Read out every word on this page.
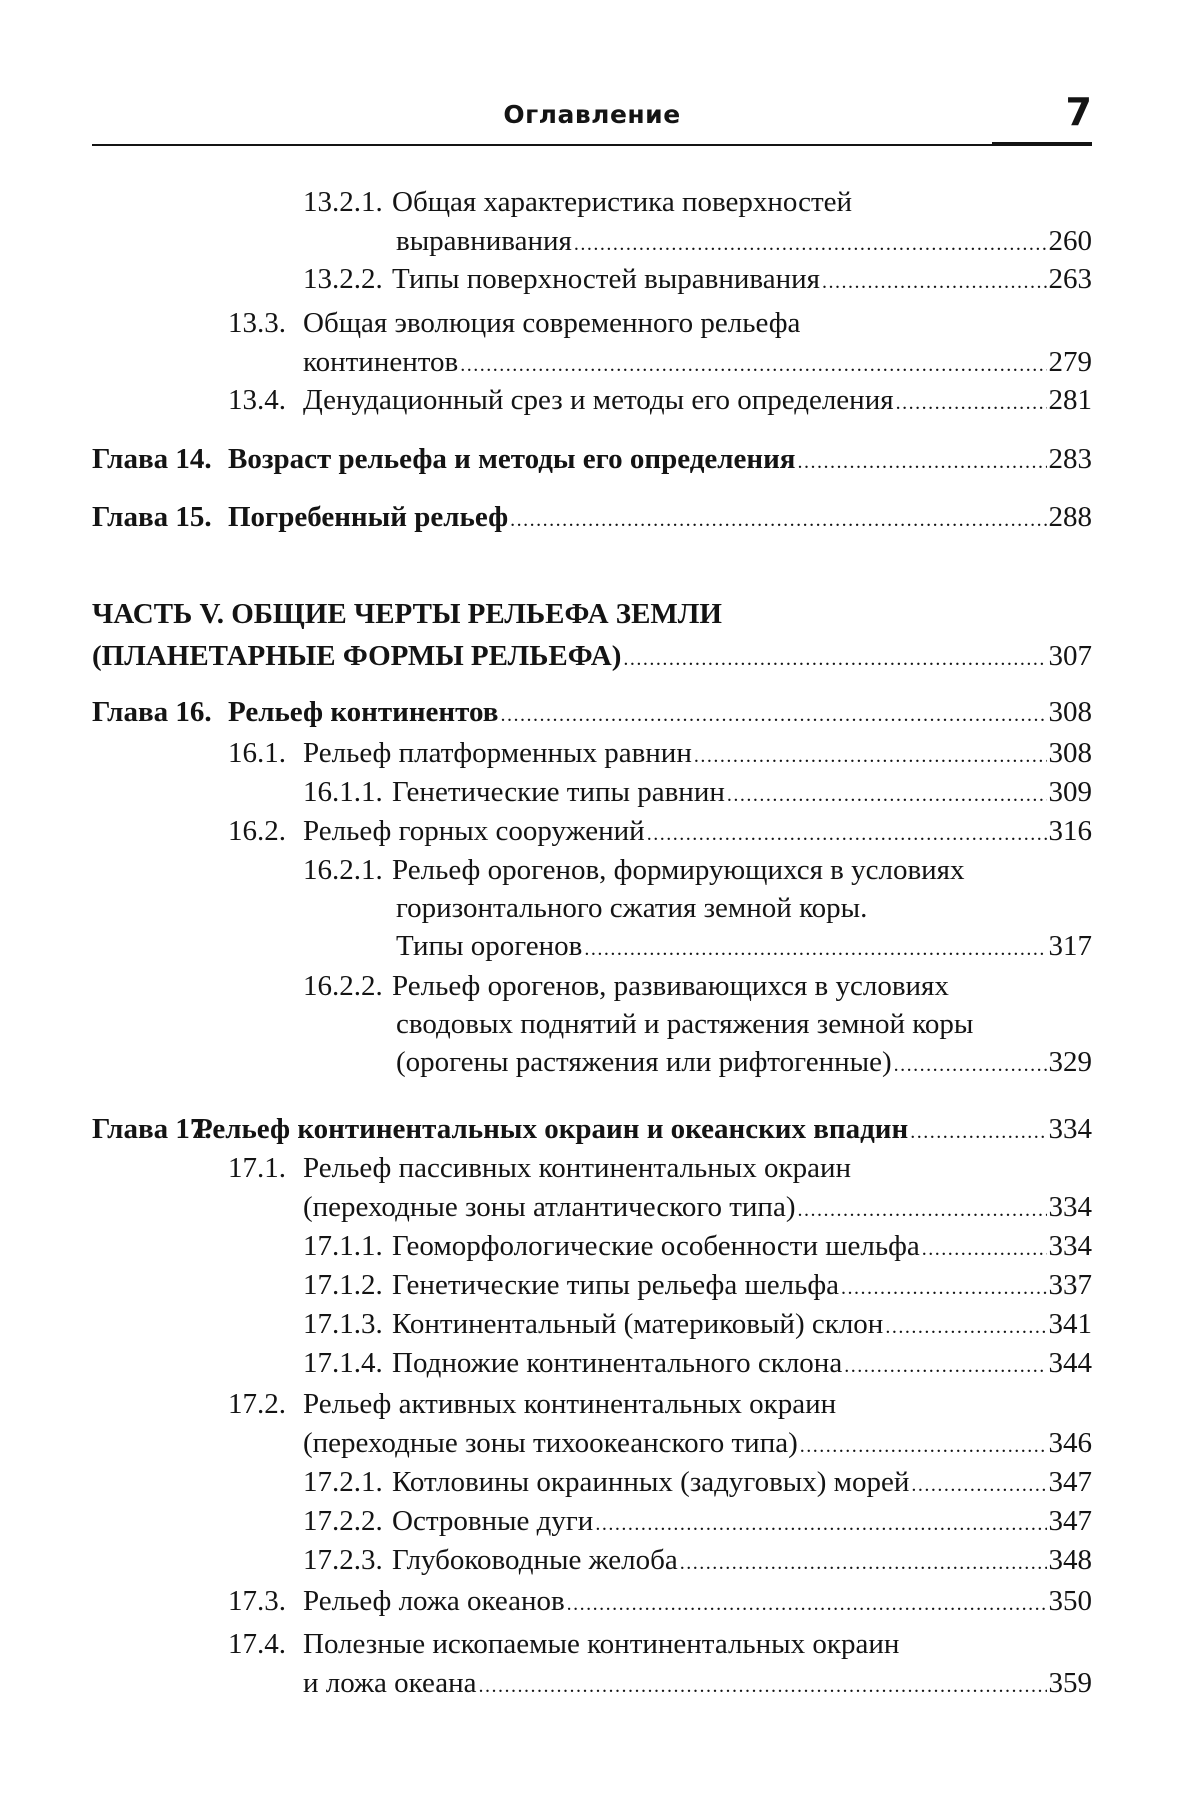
Оглавление	7
13.2.1. Общая характеристика поверхностей
выравнивания .....	260
13.2.2. Типы поверхностей выравнивания .....	263
13.3. Общая эволюция современного рельефа
континентов .....	279
13.4. Денудационный срез и методы его определения .....	281
Глава 14. Возраст рельефа и методы его определения .....	283
Глава 15. Погребенный рельеф .....	288
ЧАСТЬ V. ОБЩИЕ ЧЕРТЫ РЕЛЬЕФА ЗЕМЛИ
(ПЛАНЕТАРНЫЕ ФОРМЫ РЕЛЬЕФА) .....	307
Глава 16. Рельеф континентов .....	308
16.1. Рельеф платформенных равнин .....	308
16.1.1. Генетические типы равнин .....	309
16.2. Рельеф горных сооружений .....	316
16.2.1. Рельеф орогенов, формирующихся в условиях
горизонтального сжатия земной коры.
Типы орогенов .....	317
16.2.2. Рельеф орогенов, развивающихся в условиях
сводовых поднятий и растяжения земной коры
(орогены растяжения или рифтогенные) .....	329
Глава 17.
Рельеф континентальных окраин и океанских впадин .....	334
17.1. Рельеф пассивных континентальных окраин
(переходные зоны атлантического типа) .....	334
17.1.1. Геоморфологические особенности шельфа .....	334
17.1.2. Генетические типы рельефа шельфа .....	337
17.1.3. Континентальный (материковый) склон .....	341
17.1.4. Подножие континентального склона .....	344
17.2. Рельеф активных континентальных окраин
(переходные зоны тихоокеанского типа) .....	346
17.2.1. Котловины окраинных (задуговых) морей .....	347
17.2.2. Островные дуги .....	347
17.2.3. Глубоководные желоба .....	348
17.3. Рельеф ложа океанов .....	350
17.4. Полезные ископаемые континентальных окраин
и ложа океана .....	359
